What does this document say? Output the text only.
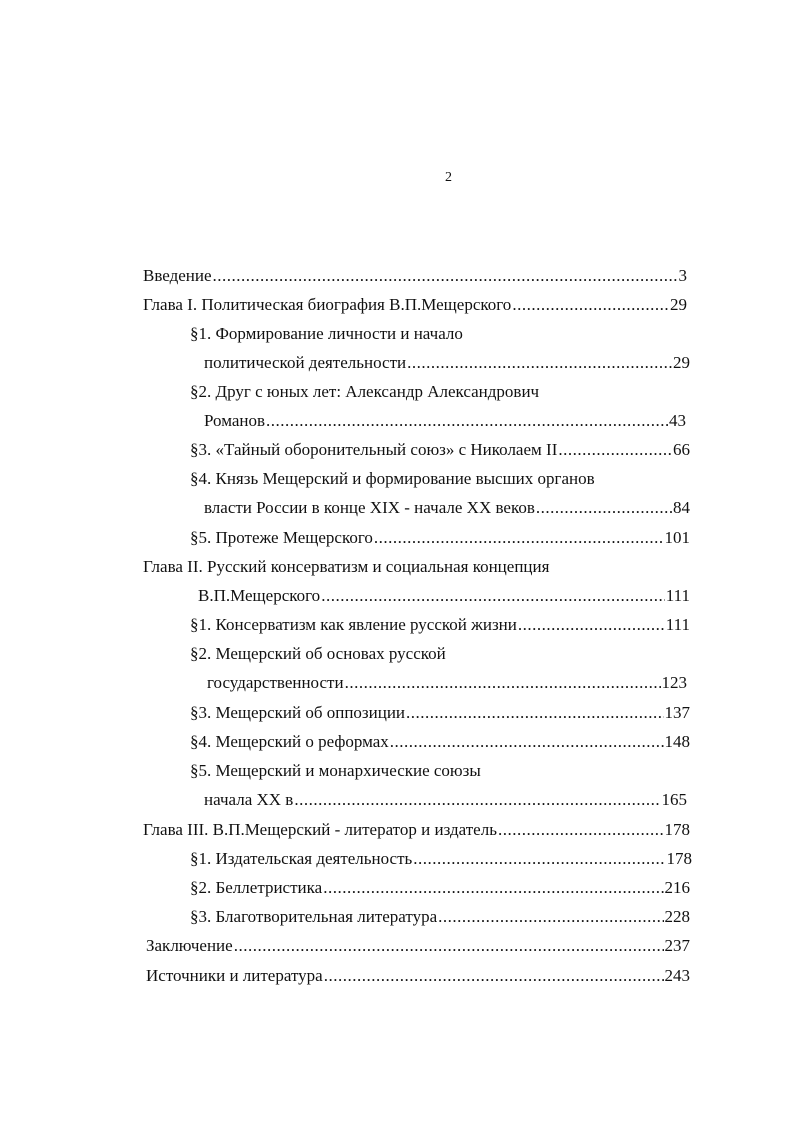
2
Введение .....	3
Глава I. Политическая биография В.П.Мещерского .....	29
§1. Формирование личности и начало
политической деятельности .....	29
§2. Друг с юных лет: Александр Александрович
Романов .....	43
§3. «Тайный оборонительный союз» с Николаем II .....	66
§4. Князь Мещерский и формирование высших органов
власти России в конце XIX - начале XX веков .....	84
§5. Протеже Мещерского .....	101
Глава II. Русский консерватизм и социальная концепция
В.П.Мещерского .....	111
§1. Консерватизм как явление русской жизни .....	111
§2. Мещерский об основах русской
государственности .....	123
§3. Мещерский об оппозиции .....	137
§4. Мещерский о реформах .....	148
§5. Мещерский и монархические союзы
начала XX в .....	165
Глава III. В.П.Мещерский - литератор и издатель .....	178
§1. Издательская деятельность .....	178
§2. Беллетристика .....	216
§3. Благотворительная литература .....	228
Заключение .....	237
Источники и литература .....	243
